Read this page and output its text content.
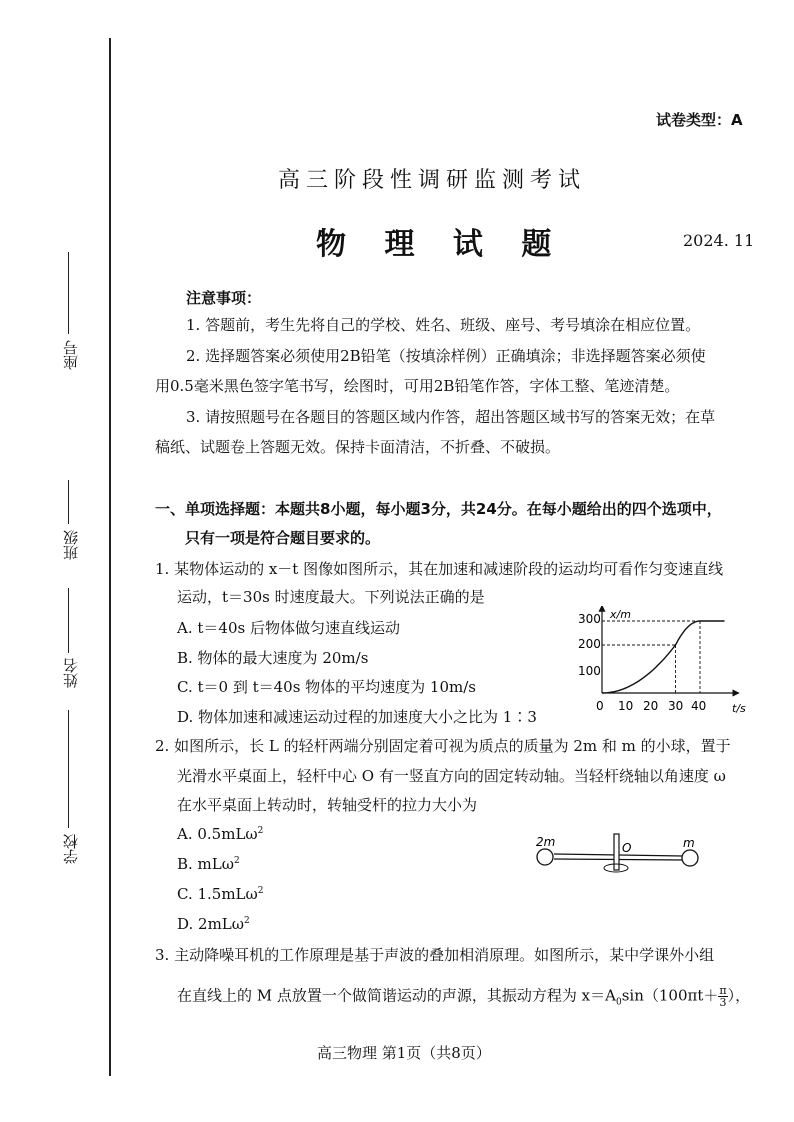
座号
班级
姓名
学校
试卷类型：A
高三阶段性调研监测考试
物 理 试 题	2024. 11
注意事项：
1. 答题前，考生先将自己的学校、姓名、班级、座号、考号填涂在相应位置。
2. 选择题答案必须使用2B铅笔（按填涂样例）正确填涂；非选择题答案必须使
用0.5毫米黑色签字笔书写，绘图时，可用2B铅笔作答，字体工整、笔迹清楚。
3. 请按照题号在各题目的答题区域内作答，超出答题区域书写的答案无效；在草
稿纸、试题卷上答题无效。保持卡面清洁，不折叠、不破损。
一、单项选择题：本题共8小题，每小题3分，共24分。在每小题给出的四个选项中，
只有一项是符合题目要求的。
1. 某物体运动的 x－t 图像如图所示，其在加速和减速阶段的运动均可看作匀变速直线
运动，t＝30s 时速度最大。下列说法正确的是
A. t＝40s 后物体做匀速直线运动
B. 物体的最大速度为 20m/s
C. t＝0 到 t＝40s 物体的平均速度为 10m/s
D. 物体加速和减速运动过程的加速度大小之比为 1∶3
x/m
t/s
300
200
100
0 10 20 30 40
2. 如图所示，长 L 的轻杆两端分别固定着可视为质点的质量为 2m 和 m 的小球，置于
光滑水平桌面上，轻杆中心 O 有一竖直方向的固定转动轴。当轻杆绕轴以角速度 ω
在水平桌面上转动时，转轴受杆的拉力大小为
A. 0.5mLω$^2$
B. mLω$^2$
C. 1.5mLω$^2$
D. 2mLω$^2$
2m	O	m
3. 主动降噪耳机的工作原理是基于声波的叠加相消原理。如图所示，某中学课外小组
在直线上的 M 点放置一个做简谐运动的声源，其振动方程为 $x=A_0\sin(100\pi t+ \frac{\pi}{3}$ ），
高三物理 第1页（共8页）
